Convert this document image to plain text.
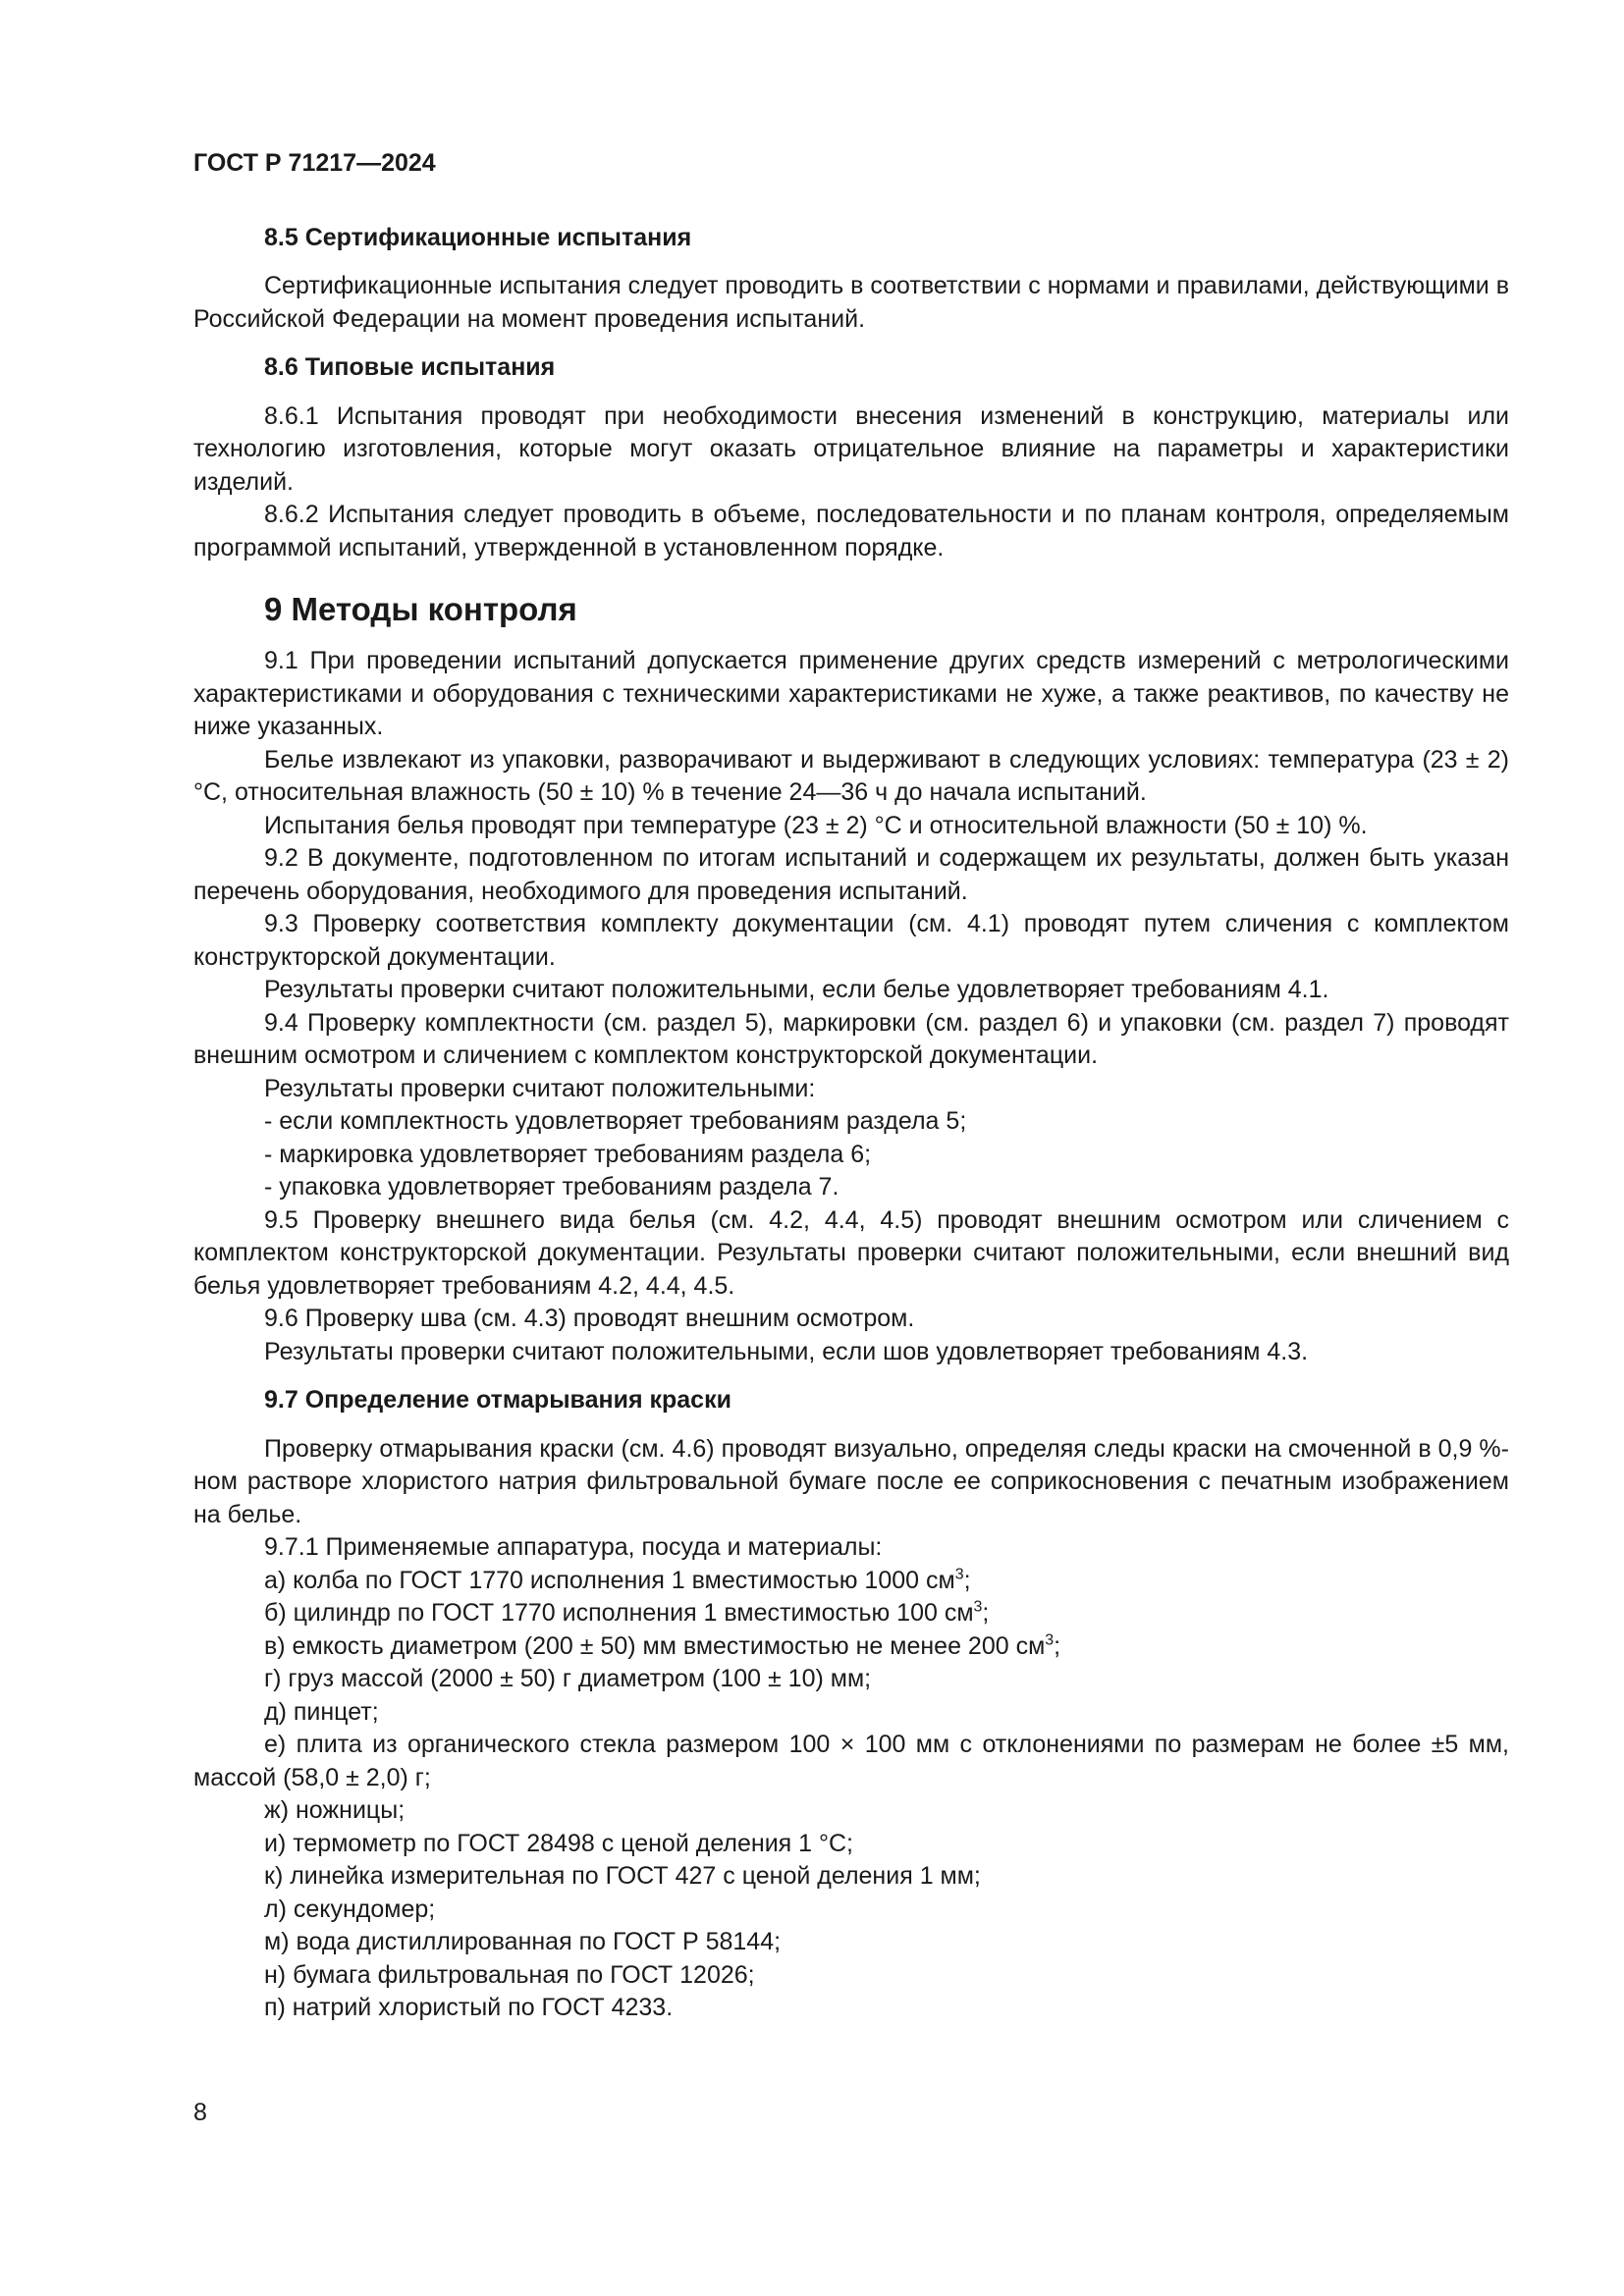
ГОСТ Р 71217—2024
8.5 Сертификационные испытания

Сертификационные испытания следует проводить в соответствии с нормами и правилами, действующими в Российской Федерации на момент проведения испытаний.

8.6 Типовые испытания

8.6.1 Испытания проводят при необходимости внесения изменений в конструкцию, материалы или технологию изготовления, которые могут оказать отрицательное влияние на параметры и характеристики изделий.

8.6.2 Испытания следует проводить в объеме, последовательности и по планам контроля, определяемым программой испытаний, утвержденной в установленном порядке.

9 Методы контроля

9.1 При проведении испытаний допускается применение других средств измерений с метрологическими характеристиками и оборудования с техническими характеристиками не хуже, а также реактивов, по качеству не ниже указанных.

Белье извлекают из упаковки, разворачивают и выдерживают в следующих условиях: температура (23 ± 2) °С, относительная влажность (50 ± 10) % в течение 24—36 ч до начала испытаний.

Испытания белья проводят при температуре (23 ± 2) °С и относительной влажности (50 ± 10) %.

9.2 В документе, подготовленном по итогам испытаний и содержащем их результаты, должен быть указан перечень оборудования, необходимого для проведения испытаний.

9.3 Проверку соответствия комплекту документации (см. 4.1) проводят путем сличения с комплектом конструкторской документации.

Результаты проверки считают положительными, если белье удовлетворяет требованиям 4.1.

9.4 Проверку комплектности (см. раздел 5), маркировки (см. раздел 6) и упаковки (см. раздел 7) проводят внешним осмотром и сличением с комплектом конструкторской документации.

Результаты проверки считают положительными:

- если комплектность удовлетворяет требованиям раздела 5;
- маркировка удовлетворяет требованиям раздела 6;
- упаковка удовлетворяет требованиям раздела 7.

9.5 Проверку внешнего вида белья (см. 4.2, 4.4, 4.5) проводят внешним осмотром или сличением с комплектом конструкторской документации. Результаты проверки считают положительными, если внешний вид белья удовлетворяет требованиям 4.2, 4.4, 4.5.

9.6 Проверку шва (см. 4.3) проводят внешним осмотром.

Результаты проверки считают положительными, если шов удовлетворяет требованиям 4.3.

9.7 Определение отмарывания краски

Проверку отмарывания краски (см. 4.6) проводят визуально, определяя следы краски на смоченной в 0,9 %-ном растворе хлористого натрия фильтровальной бумаге после ее соприкосновения с печатным изображением на белье.

9.7.1 Применяемые аппаратура, посуда и материалы:

а) колба по ГОСТ 1770 исполнения 1 вместимостью 1000 $см^3$;
б) цилиндр по ГОСТ 1770 исполнения 1 вместимостью 100 $см^3$;
в) емкость диаметром (200 ± 50) мм вместимостью не менее 200 $см^3$;
г) груз массой (2000 ± 50) г диаметром (100 ± 10) мм;
д) пинцет;

е) плита из органического стекла размером 100 × 100 мм с отклонениями по размерам не более ±5 мм, массой (58,0 ± 2,0) г;

ж) ножницы;
и) термометр по ГОСТ 28498 с ценой деления 1 °С;
к) линейка измерительная по ГОСТ 427 с ценой деления 1 мм;
л) секундомер;
м) вода дистиллированная по ГОСТ Р 58144;
н) бумага фильтровальная по ГОСТ 12026;
п) натрий хлористый по ГОСТ 4233.
8
